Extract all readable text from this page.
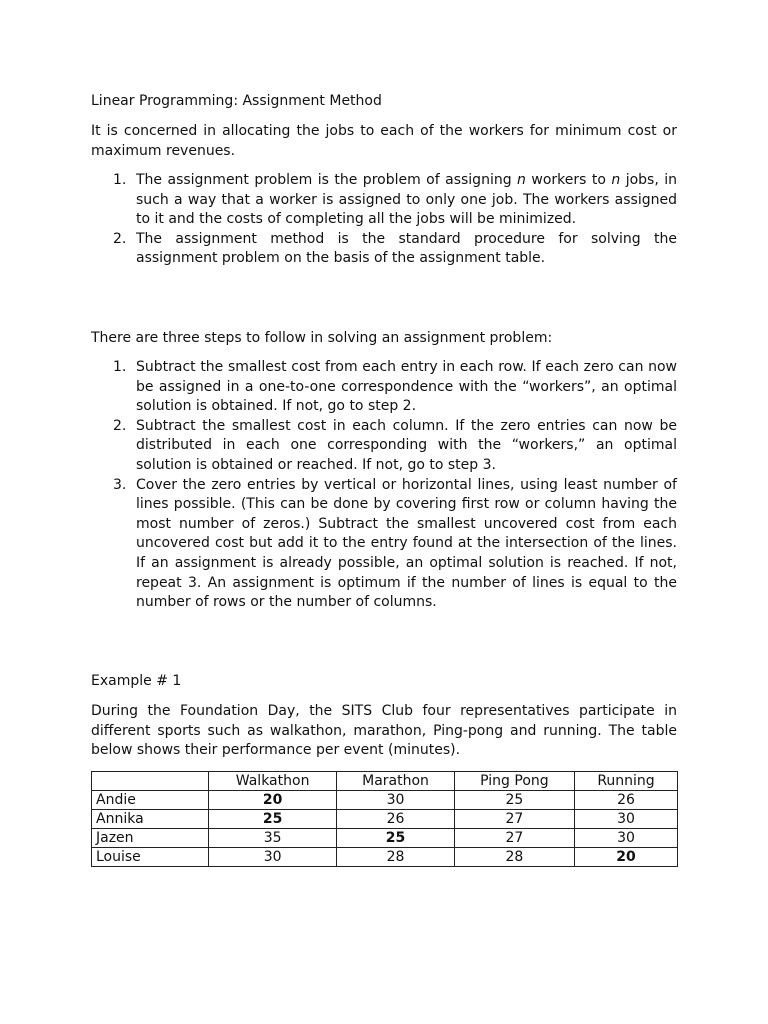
Linear Programming: Assignment Method

It is concerned in allocating the jobs to each of the workers for minimum cost or maximum revenues.

1. The assignment problem is the problem of assigning n workers to n jobs, in such a way that a worker is assigned to only one job. The workers assigned to it and the costs of completing all the jobs will be minimized.
2. The assignment method is the standard procedure for solving the assignment problem on the basis of the assignment table.

There are three steps to follow in solving an assignment problem:

1. Subtract the smallest cost from each entry in each row. If each zero can now be assigned in a one-to-one correspondence with the “workers”, an optimal solution is obtained. If not, go to step 2.
2. Subtract the smallest cost in each column. If the zero entries can now be distributed in each one corresponding with the “workers,” an optimal solution is obtained or reached. If not, go to step 3.
3. Cover the zero entries by vertical or horizontal lines, using least number of lines possible. (This can be done by covering first row or column having the most number of zeros.) Subtract the smallest uncovered cost from each uncovered cost but add it to the entry found at the intersection of the lines. If an assignment is already possible, an optimal solution is reached. If not, repeat 3. An assignment is optimum if the number of lines is equal to the number of rows or the number of columns.

Example # 1

During the Foundation Day, the SITS Club four representatives participate in different sports such as walkathon, marathon, Ping-pong and running. The table below shows their performance per event (minutes).

	Walkathon	Marathon	Ping Pong	Running
Andie	20	30	25	26
Annika	25	26	27	30
Jazen	35	25	27	30
Louise	30	28	28	20
